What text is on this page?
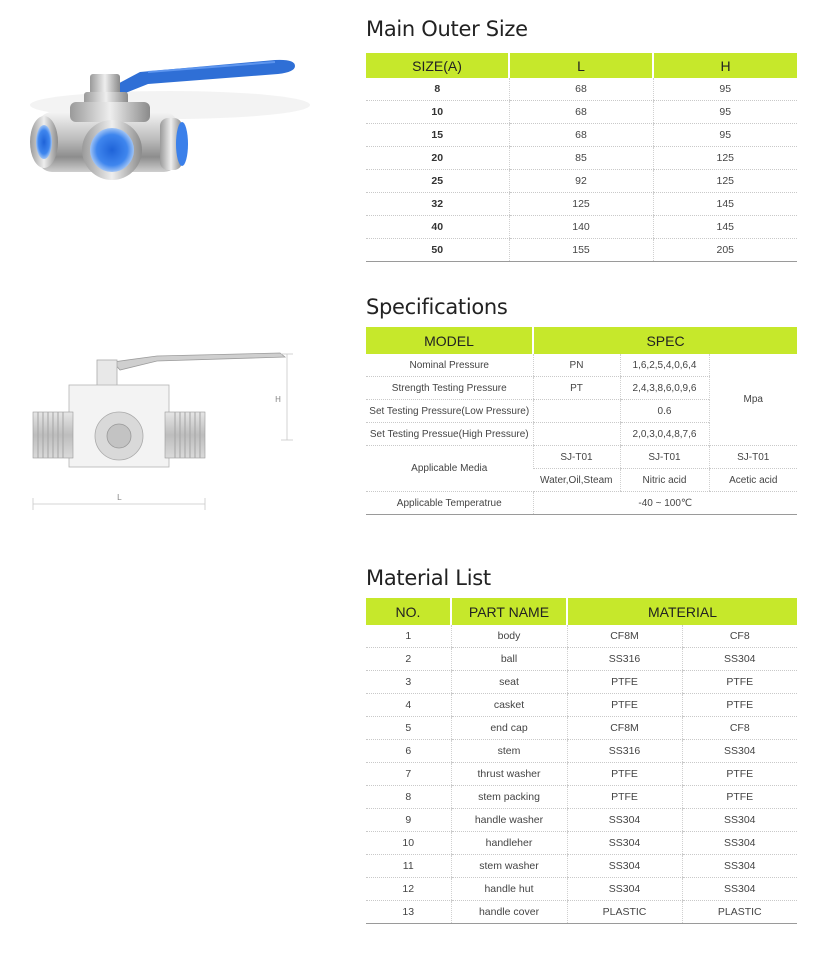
H
L
Main Outer Size
SIZE(A)	L	H
8	68	95
10	68	95
15	68	95
20	85	125
25	92	125
32	125	145
40	140	145
50	155	205
Specifications
MODEL	SPEC		
Nominal Pressure	PN	1,6,2,5,4,0,6,4	Mpa
Strength Testing Pressure	PT	2,4,3,8,6,0,9,6	
Set Testing Pressure(Low Pressure)		0.6	
Set Testing Pressue(High Pressure)		2,0,3,0,4,8,7,6	
Applicable Media	SJ-T01	SJ-T01	SJ-T01
	Water,Oil,Steam	Nitric acid	Acetic acid
Applicable Temperatrue	-40 ~ 100℃		
Material List
NO.	PART NAME	MATERIAL	
1	body	CF8M	CF8
2	ball	SS316	SS304
3	seat	PTFE	PTFE
4	casket	PTFE	PTFE
5	end cap	CF8M	CF8
6	stem	SS316	SS304
7	thrust washer	PTFE	PTFE
8	stem packing	PTFE	PTFE
9	handle washer	SS304	SS304
10	handleher	SS304	SS304
11	stem washer	SS304	SS304
12	handle hut	SS304	SS304
13	handle cover	PLASTIC	PLASTIC
